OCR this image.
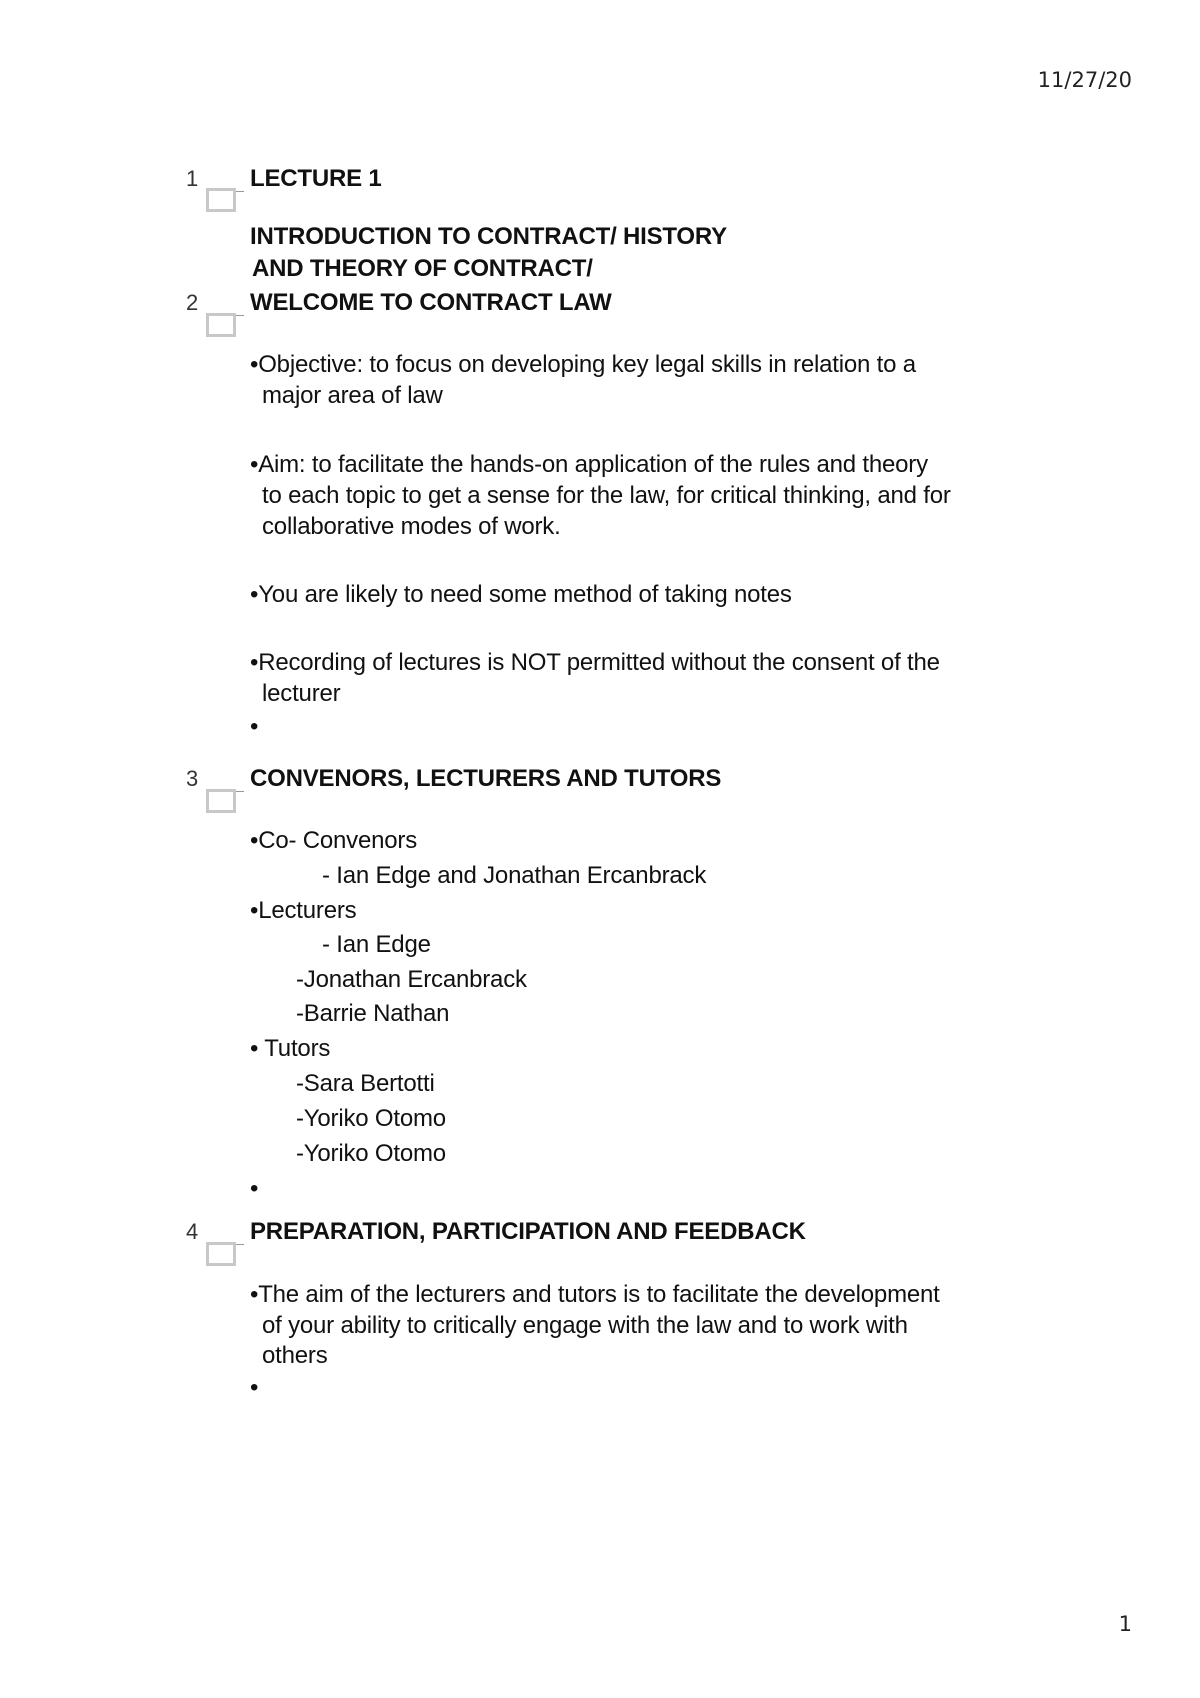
11/27/20
1	LECTURE 1
INTRODUCTION TO CONTRACT/ HISTORY
AND THEORY OF CONTRACT/
2	WELCOME TO CONTRACT LAW
•Objective: to focus on developing key legal skills in relation to a
major area of law
•Aim: to facilitate the hands-on application of the rules and theory
to each topic to get a sense for the law, for critical thinking, and for
collaborative modes of work.
•You are likely to need some method of taking notes
•Recording of lectures is NOT permitted without the consent of the
lecturer
•
3	CONVENORS, LECTURERS AND TUTORS
•Co- Convenors
- Ian Edge and Jonathan Ercanbrack
•Lecturers
- Ian Edge
-Jonathan Ercanbrack
-Barrie Nathan
• Tutors
-Sara Bertotti
-Yoriko Otomo
-Yoriko Otomo
•
4	PREPARATION, PARTICIPATION AND FEEDBACK
•The aim of the lecturers and tutors is to facilitate the development
of your ability to critically engage with the law and to work with
others
•
1
